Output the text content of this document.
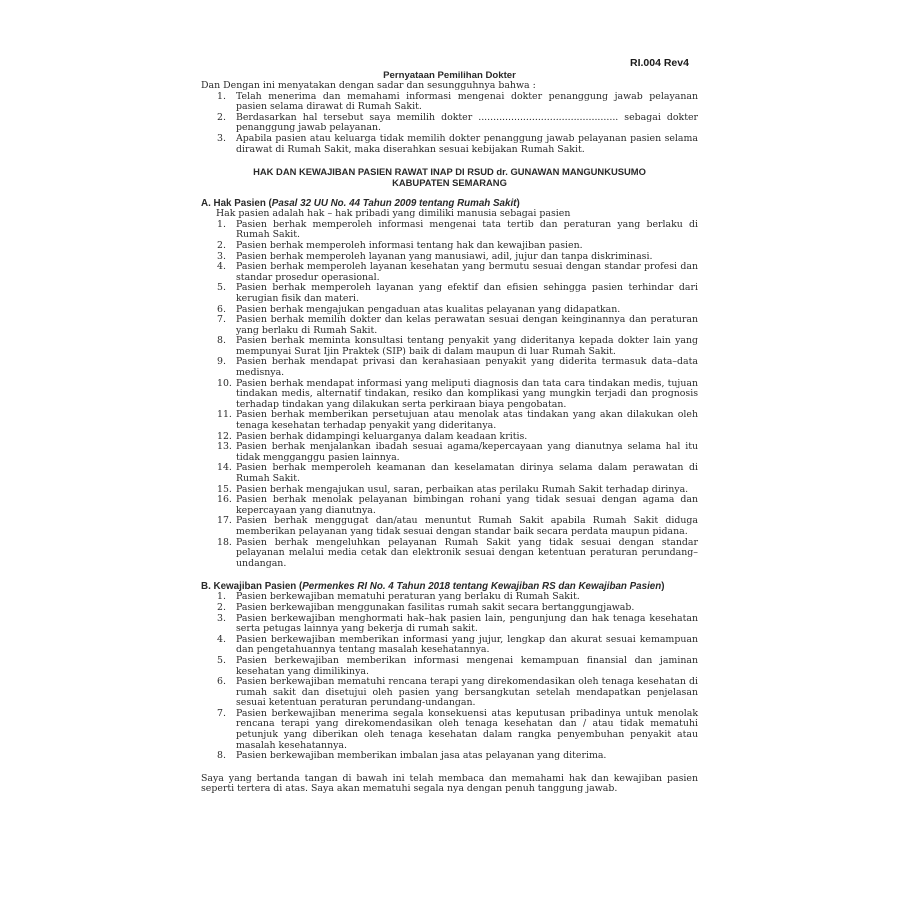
RI.004 Rev4
Pernyataan Pemilihan Dokter

Dan Dengan ini menyatakan dengan sadar dan sesungguhnya bahwa :

1. Telah menerima dan memahami informasi mengenai dokter penanggung jawab pelayanan pasien selama dirawat di Rumah Sakit.
2. Berdasarkan hal tersebut saya memilih dokter ............................................... sebagai dokter penanggung jawab pelayanan.
3. Apabila pasien atau keluarga tidak memilih dokter penanggung jawab pelayanan pasien selama dirawat di Rumah Sakit, maka diserahkan sesuai kebijakan Rumah Sakit.
HAK DAN KEWAJIBAN PASIEN RAWAT INAP DI RSUD dr. GUNAWAN MANGUNKUSUMO
KABUPATEN SEMARANG
A. Hak Pasien (Pasal 32 UU No. 44 Tahun 2009 tentang Rumah Sakit)

Hak pasien adalah hak – hak pribadi yang dimiliki manusia sebagai pasien

1. Pasien berhak memperoleh informasi mengenai tata tertib dan peraturan yang berlaku di Rumah Sakit.
2. Pasien berhak memperoleh informasi tentang hak dan kewajiban pasien.
3. Pasien berhak memperoleh layanan yang manusiawi, adil, jujur dan tanpa diskriminasi.
4. Pasien berhak memperoleh layanan kesehatan yang bermutu sesuai dengan standar profesi dan standar prosedur operasional.
5. Pasien berhak memperoleh layanan yang efektif dan efisien sehingga pasien terhindar dari kerugian fisik dan materi.
6. Pasien berhak mengajukan pengaduan atas kualitas pelayanan yang didapatkan.
7. Pasien berhak memilih dokter dan kelas perawatan sesuai dengan keinginannya dan peraturan yang berlaku di Rumah Sakit.
8. Pasien berhak meminta konsultasi tentang penyakit yang dideritanya kepada dokter lain yang mempunyai Surat Ijin Praktek (SIP) baik di dalam maupun di luar Rumah Sakit.
9. Pasien berhak mendapat privasi dan kerahasiaan penyakit yang diderita termasuk data–data medisnya.
10. Pasien berhak mendapat informasi yang meliputi diagnosis dan tata cara tindakan medis, tujuan tindakan medis, alternatif tindakan, resiko dan komplikasi yang mungkin terjadi dan prognosis terhadap tindakan yang dilakukan serta perkiraan biaya pengobatan.
11. Pasien berhak memberikan persetujuan atau menolak atas tindakan yang akan dilakukan oleh tenaga kesehatan terhadap penyakit yang dideritanya.
12. Pasien berhak didampingi keluarganya dalam keadaan kritis.
13. Pasien berhak menjalankan ibadah sesuai agama/kepercayaan yang dianutnya selama hal itu tidak mengganggu pasien lainnya.
14. Pasien berhak memperoleh keamanan dan keselamatan dirinya selama dalam perawatan di Rumah Sakit.
15. Pasien berhak mengajukan usul, saran, perbaikan atas perilaku Rumah Sakit terhadap dirinya.
16. Pasien berhak menolak pelayanan bimbingan rohani yang tidak sesuai dengan agama dan kepercayaan yang dianutnya.
17. Pasien berhak menggugat dan/atau menuntut Rumah Sakit apabila Rumah Sakit diduga memberikan pelayanan yang tidak sesuai dengan standar baik secara perdata maupun pidana.
18. Pasien berhak mengeluhkan pelayanan Rumah Sakit yang tidak sesuai dengan standar pelayanan melalui media cetak dan elektronik sesuai dengan ketentuan peraturan perundang–undangan.
B. Kewajiban Pasien (Permenkes RI No. 4 Tahun 2018 tentang Kewajiban RS dan Kewajiban Pasien)
1. Pasien berkewajiban mematuhi peraturan yang berlaku di Rumah Sakit.
2. Pasien berkewajiban menggunakan fasilitas rumah sakit secara bertanggungjawab.
3. Pasien berkewajiban menghormati hak–hak pasien lain, pengunjung dan hak tenaga kesehatan serta petugas lainnya yang bekerja di rumah sakit.
4. Pasien berkewajiban memberikan informasi yang jujur, lengkap dan akurat sesuai kemampuan dan pengetahuannya tentang masalah kesehatannya.
5. Pasien berkewajiban memberikan informasi mengenai kemampuan finansial dan jaminan kesehatan yang dimilikinya.
6. Pasien berkewajiban mematuhi rencana terapi yang direkomendasikan oleh tenaga kesehatan di rumah sakit dan disetujui oleh pasien yang bersangkutan setelah mendapatkan penjelasan sesuai ketentuan peraturan perundang-undangan.
7. Pasien berkewajiban menerima segala konsekuensi atas keputusan pribadinya untuk menolak rencana terapi yang direkomendasikan oleh tenaga kesehatan dan / atau tidak mematuhi petunjuk yang diberikan oleh tenaga kesehatan dalam rangka penyembuhan penyakit atau masalah kesehatannya.
8. Pasien berkewajiban memberikan imbalan jasa atas pelayanan yang diterima.

Saya yang bertanda tangan di bawah ini telah membaca dan memahami hak dan kewajiban pasien seperti tertera di atas. Saya akan mematuhi segala nya dengan penuh tanggung jawab.
